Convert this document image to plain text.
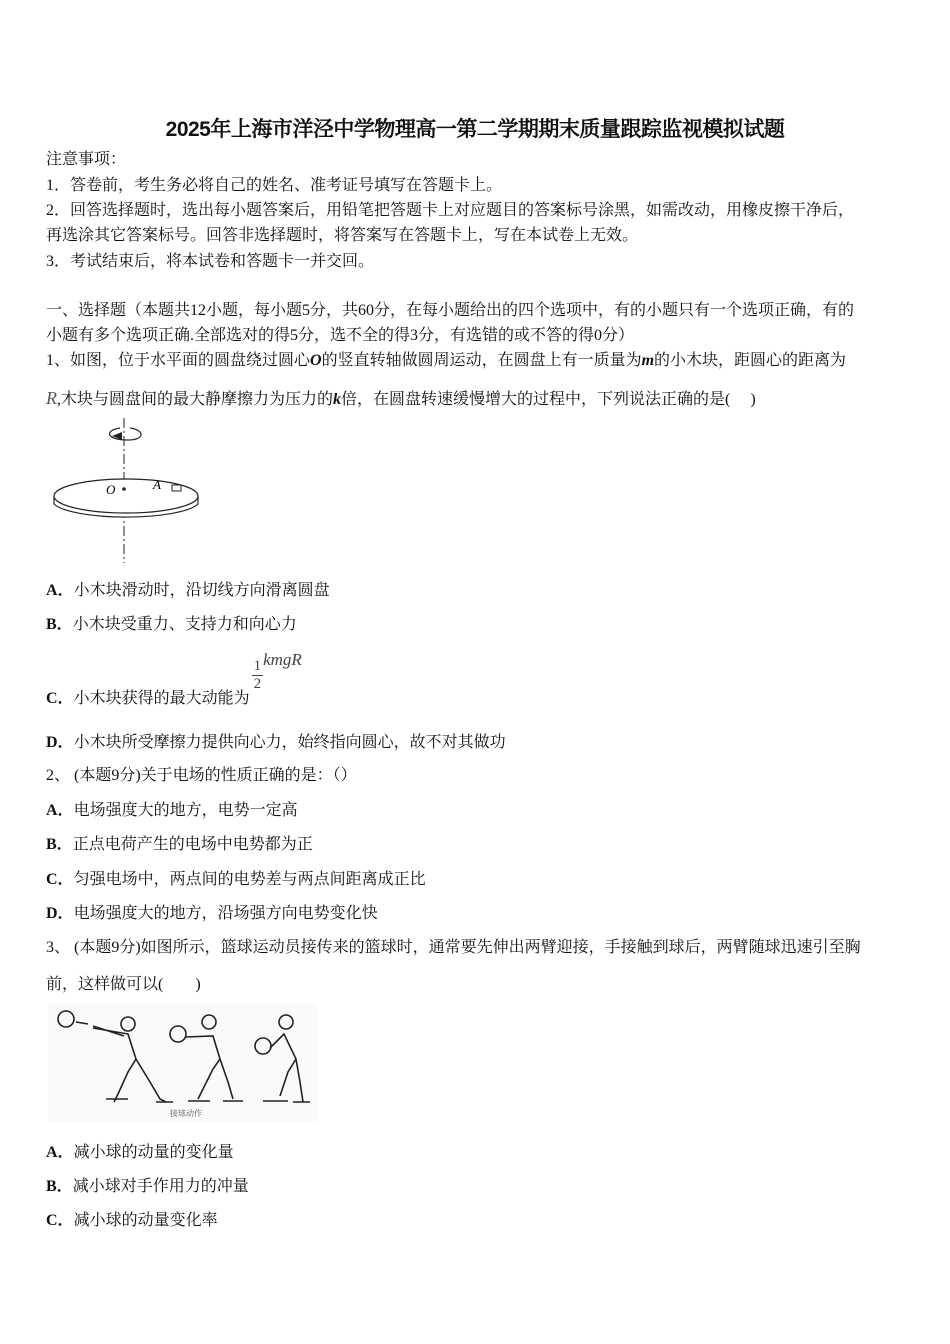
2025年上海市洋泾中学物理高一第二学期期末质量跟踪监视模拟试题
注意事项：
1．答卷前，考生务必将自己的姓名、准考证号填写在答题卡上。
2．回答选择题时，选出每小题答案后，用铅笔把答题卡上对应题目的答案标号涂黑，如需改动，用橡皮擦干净后，
再选涂其它答案标号。回答非选择题时，将答案写在答题卡上，写在本试卷上无效。
3．考试结束后，将本试卷和答题卡一并交回。
一、选择题（本题共12小题，每小题5分，共60分，在每小题给出的四个选项中，有的小题只有一个选项正确，有的
小题有多个选项正确.全部选对的得5分，选不全的得3分，有选错的或不答的得0分）
1、如图，位于水平面的圆盘绕过圆心O的竖直转轴做圆周运动，在圆盘上有一质量为m的小木块，距圆心的距离为
R,木块与圆盘间的最大静摩擦力为压力的k倍，在圆盘转速缓慢增大的过程中，下列说法正确的是(　 )
O	A
A．小木块滑动时，沿切线方向滑离圆盘
B．小木块受重力、支持力和向心力
C．小木块获得的最大动能为
$\frac{1}{2}$ kmgR
D．小木块所受摩擦力提供向心力，始终指向圆心，故不对其做功
2、 (本题9分)关于电场的性质正确的是：（）
A．电场强度大的地方，电势一定高
B．正点电荷产生的电场中电势都为正
C．匀强电场中，两点间的电势差与两点间距离成正比
D．电场强度大的地方，沿场强方向电势变化快
3、 (本题9分)如图所示，篮球运动员接传来的篮球时，通常要先伸出两臂迎接，手接触到球后，两臂随球迅速引至胸
前，这样做可以(　　)
接球动作
A．减小球的动量的变化量
B．减小球对手作用力的冲量
C．减小球的动量变化率
